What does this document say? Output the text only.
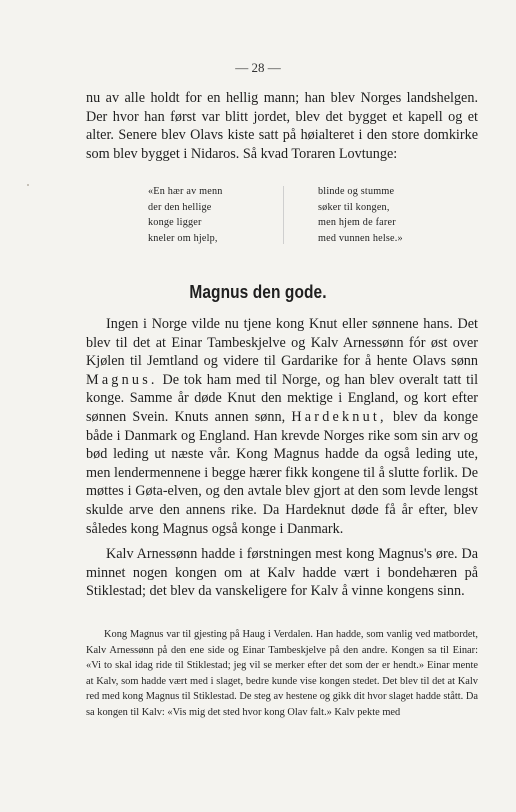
— 28 —

nu av alle holdt for en hellig mann; han blev Norges landshelgen. Der hvor han først var blitt jordet, blev det bygget et kapell og et alter. Senere blev Olavs kiste satt på høialteret i den store domkirke som blev bygget i Nidaros. Så kvad Toraren Lovtunge:

«En hær av menn
der den hellige
konge ligger
kneler om hjelp,
blinde og stumme
søker til kongen,
men hjem de farer
med vunnen helse.»
Magnus den gode.

Ingen i Norge vilde nu tjene kong Knut eller sønnene hans. Det blev til det at Einar Tambeskjelve og Kalv Arnessønn fór øst over Kjølen til Jemtland og videre til Gardarike for å hente Olavs sønn Magnus. De tok ham med til Norge, og han blev overalt tatt til konge. Samme år døde Knut den mektige i England, og kort efter sønnen Svein. Knuts annen sønn, Hardeknut, blev da konge både i Danmark og England. Han krevde Norges rike som sin arv og bød leding ut næste vår. Kong Magnus hadde da også leding ute, men lendermennene i begge hærer fikk kongene til å slutte forlik. De møttes i Gøta-elven, og den avtale blev gjort at den som levde lengst skulde arve den annens rike. Da Hardeknut døde få år efter, blev således kong Magnus også konge i Danmark.

Kalv Arnessønn hadde i førstningen mest kong Magnus's øre. Da minnet nogen kongen om at Kalv hadde vært i bondehæren på Stiklestad; det blev da vanskeligere for Kalv å vinne kongens sinn.

Kong Magnus var til gjesting på Haug i Verdalen. Han hadde, som vanlig ved matbordet, Kalv Arnessønn på den ene side og Einar Tambeskjelve på den andre. Kongen sa til Einar: «Vi to skal idag ride til Stiklestad; jeg vil se merker efter det som der er hendt.» Einar mente at Kalv, som hadde vært med i slaget, bedre kunde vise kongen stedet. Det blev til det at Kalv red med kong Magnus til Stiklestad. De steg av hestene og gikk dit hvor slaget hadde stått. Da sa kongen til Kalv: «Vis mig det sted hvor kong Olav falt.» Kalv pekte med
